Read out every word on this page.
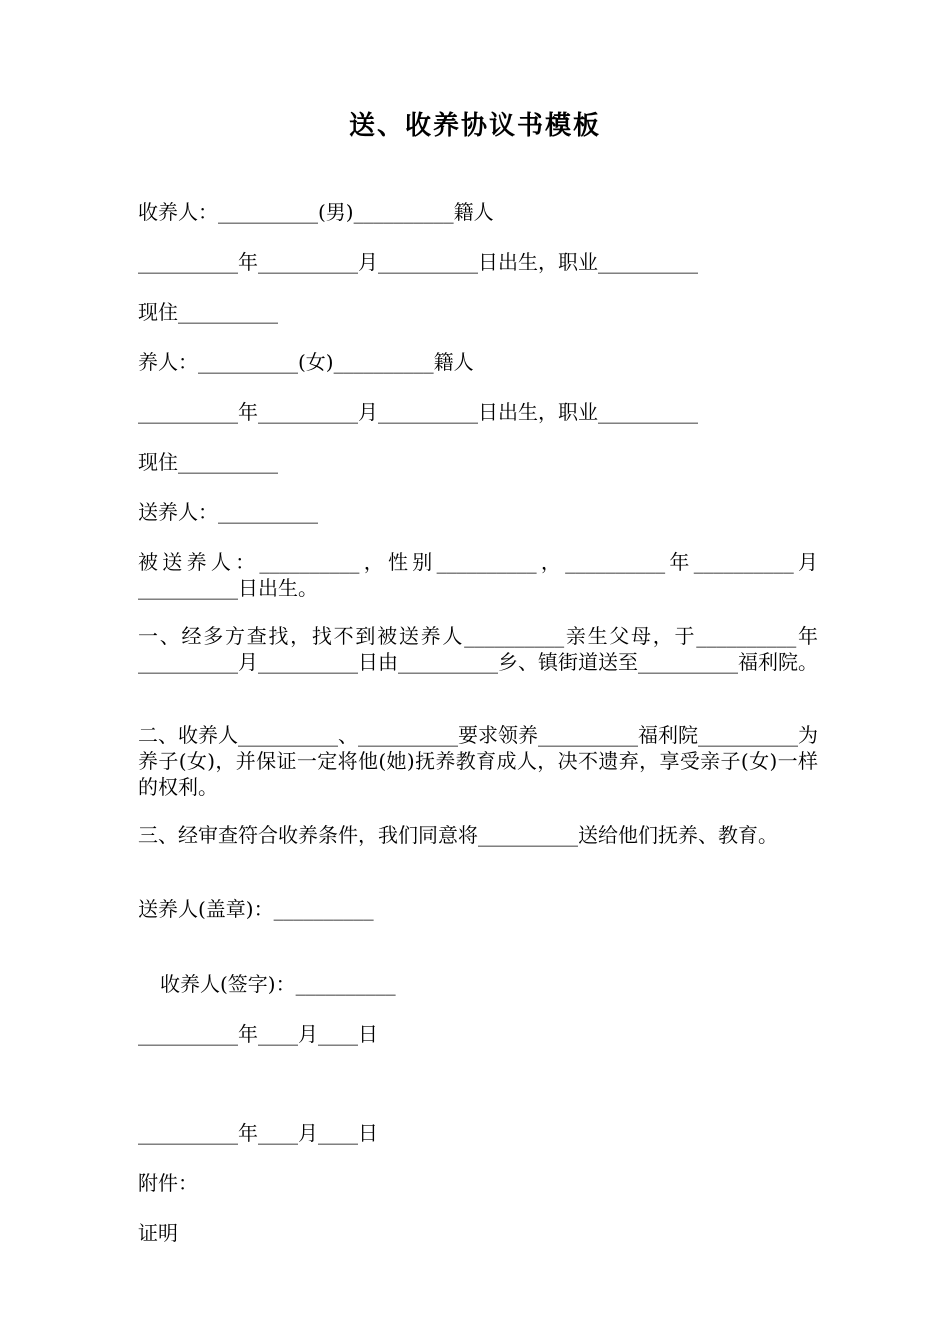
送、收养协议书模板
收养人：__________(男)__________籍人
__________年__________月__________日出生，职业__________
现住__________
养人：__________(女)__________籍人
__________年__________月__________日出生，职业__________
现住__________
送养人：__________
被送养人：__________，性别__________，__________年__________月__________日出生。
一、经多方查找，找不到被送养人__________亲生父母，于__________年__________月__________日由__________乡、镇街道送至__________福利院。
二、收养人__________、__________要求领养__________福利院__________为养子(女)，并保证一定将他(她)抚养教育成人，决不遗弃，享受亲子(女)一样的权利。
三、经审查符合收养条件，我们同意将__________送给他们抚养、教育。
送养人(盖章)：__________
收养人(签字)：__________
__________年____月____日
__________年____月____日
附件：
证明
